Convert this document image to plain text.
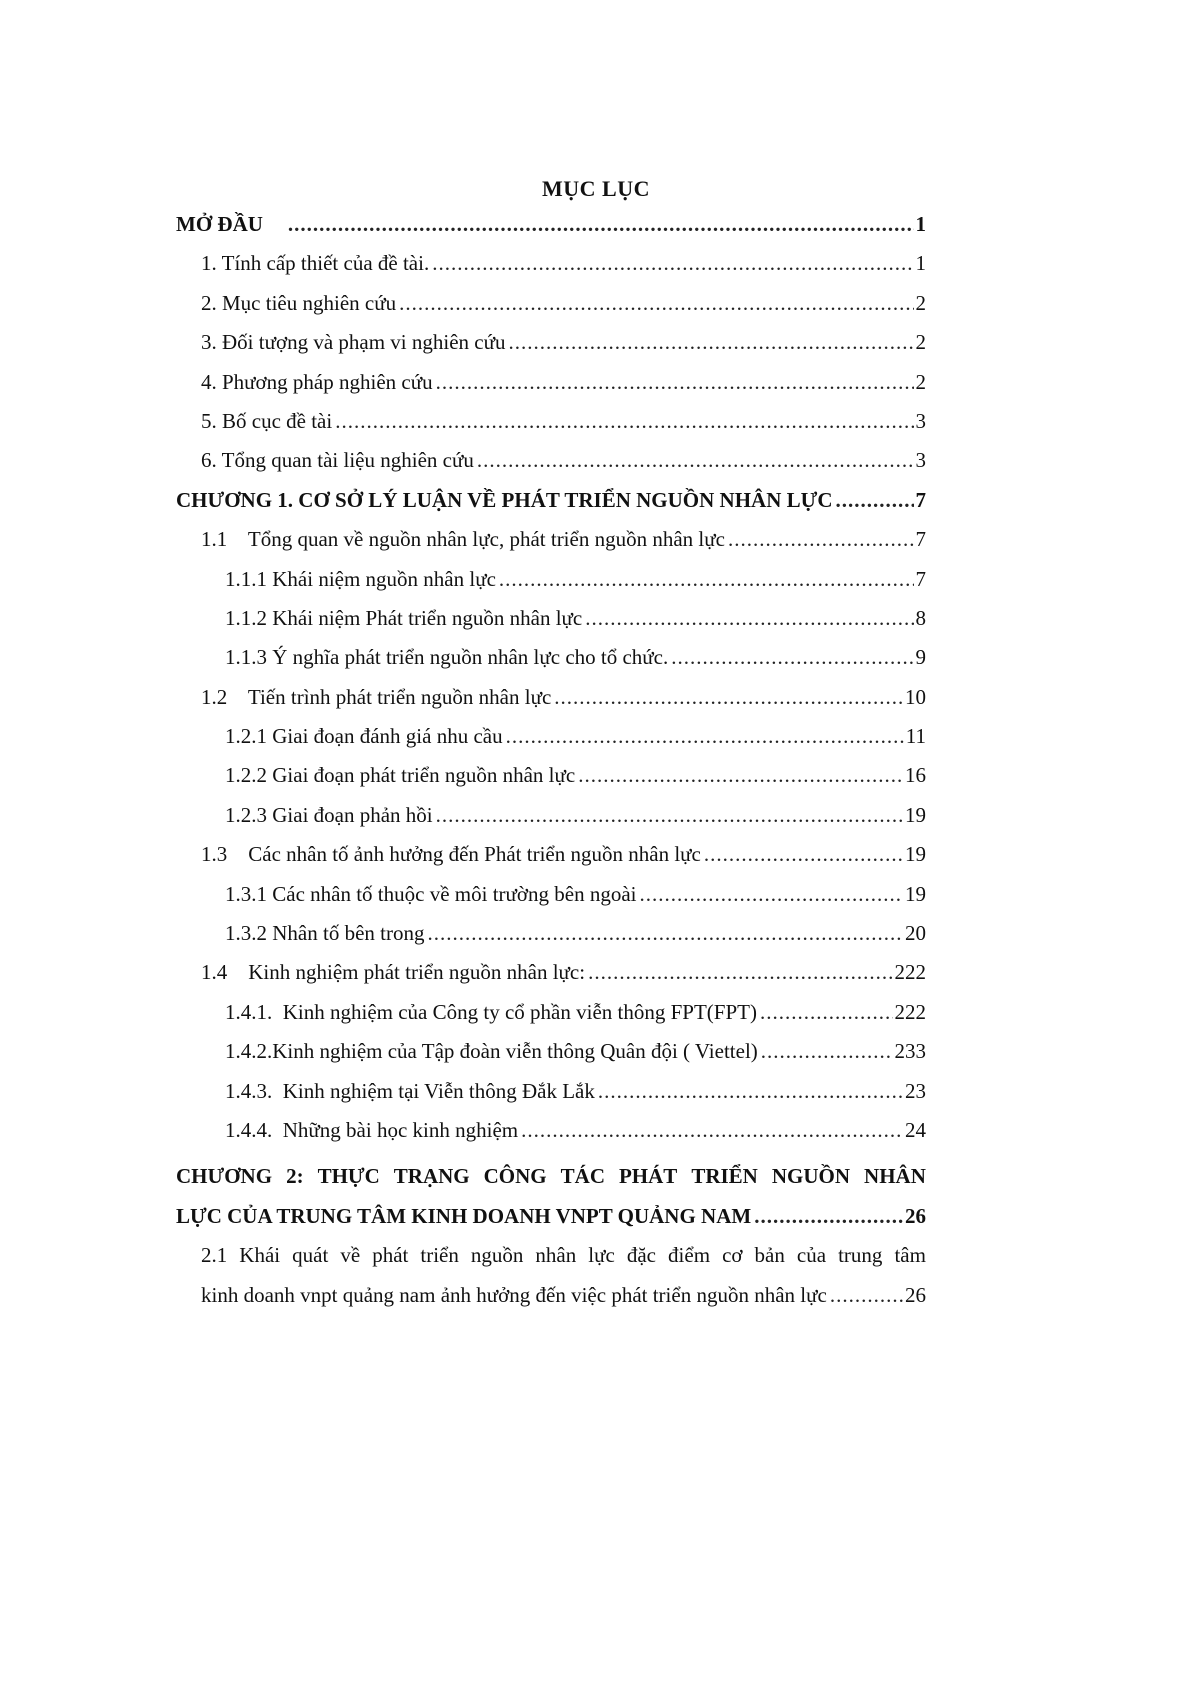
MỤC LỤC
MỞ ĐẦU .....	1
1. Tính cấp thiết của đề tài. .....	1
2. Mục tiêu nghiên cứu .....	2
3. Đối tượng và phạm vi nghiên cứu .....	2
4. Phương pháp nghiên cứu .....	2
5. Bố cục đề tài .....	3
6. Tổng quan tài liệu nghiên cứu .....	3
CHƯƠNG 1. CƠ SỞ LÝ LUẬN VỀ PHÁT TRIỂN NGUỒN NHÂN LỰC .....	7
1.1    Tổng quan về nguồn nhân lực, phát triển nguồn nhân lực .....	7
1.1.1 Khái niệm nguồn nhân lực .....	7
1.1.2 Khái niệm Phát triển nguồn nhân lực .....	8
1.1.3 Ý nghĩa phát triển nguồn nhân lực cho tổ chức. .....	9
1.2    Tiến trình phát triển nguồn nhân lực .....	10
1.2.1 Giai đoạn đánh giá nhu cầu .....	11
1.2.2 Giai đoạn phát triển nguồn nhân lực .....	16
1.2.3 Giai đoạn phản hồi .....	19
1.3    Các nhân tố ảnh hưởng đến Phát triển nguồn nhân lực .....	19
1.3.1 Các nhân tố thuộc về môi trường bên ngoài .....	19
1.3.2 Nhân tố bên trong .....	20
1.4    Kinh nghiệm phát triển nguồn nhân lực: .....	222
1.4.1.  Kinh nghiệm của Công ty cổ phần viễn thông FPT(FPT) .....	222
1.4.2.Kinh nghiệm của Tập đoàn viễn thông Quân đội ( Viettel) .....	233
1.4.3.  Kinh nghiệm tại Viễn thông Đắk Lắk .....	23
1.4.4.  Những bài học kinh nghiệm .....	24
CHƯƠNG 2: THỰC TRẠNG CÔNG TÁC PHÁT TRIỂN NGUỒN NHÂN
LỰC CỦA TRUNG TÂM KINH DOANH VNPT QUẢNG NAM .....	26
2.1 Khái quát về phát triển nguồn nhân lực đặc điểm cơ bản của trung tâm
kinh doanh vnpt quảng nam ảnh hưởng đến việc phát triển nguồn nhân lực .....	26
